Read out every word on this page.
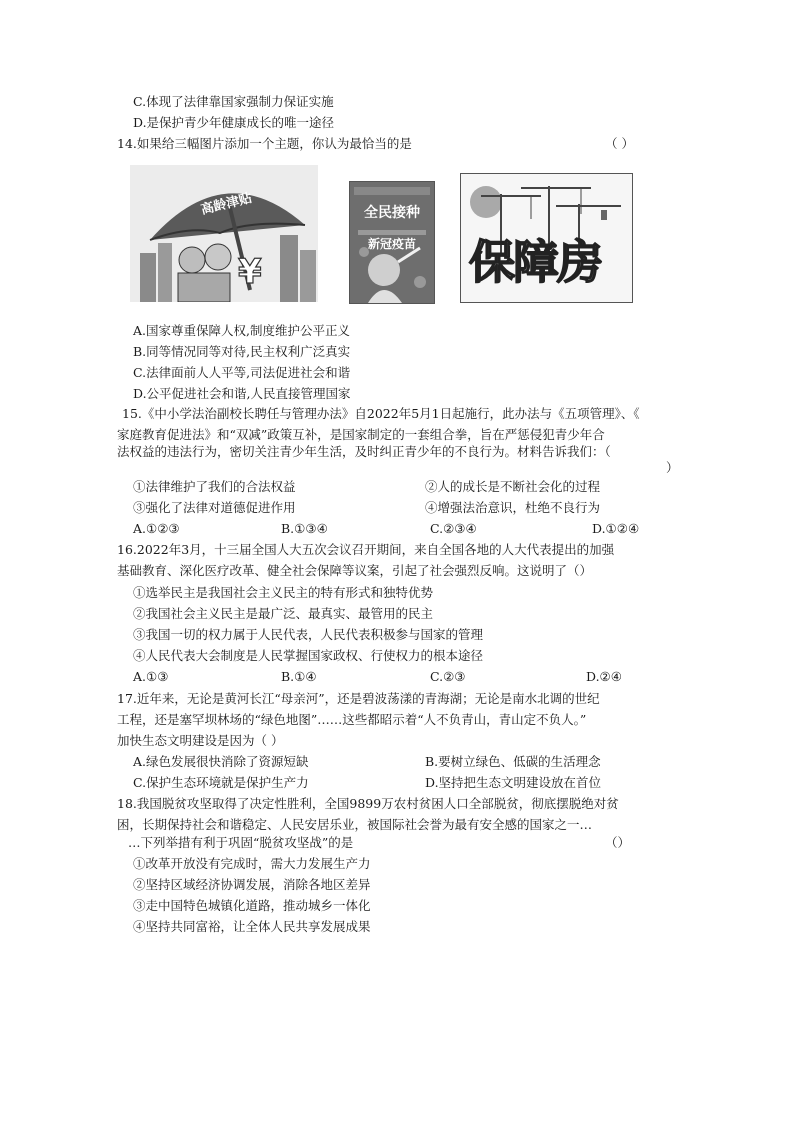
C.体现了法律靠国家强制力保证实施
D.是保护青少年健康成长的唯一途径
14.如果给三幅图片添加一个主题，你认为最恰当的是	（ ）
¥
高龄津贴	全民接种
新冠疫苗	保障房
A.国家尊重保障人权,制度维护公平正义
B.同等情况同等对待,民主权利广泛真实
C.法律面前人人平等,司法促进社会和谐
D.公平促进社会和谐,人民直接管理国家
15.《中小学法治副校长聘任与管理办法》自2022年5月1日起施行，此办法与《五项管理》、《
家庭教育促进法》和“双减”政策互补，是国家制定的一套组合拳，旨在严惩侵犯青少年合
法权益的违法行为，密切关注青少年生活，及时纠正青少年的不良行为。材料告诉我们：（
）
①法律维护了我们的合法权益	②人的成长是不断社会化的过程
③强化了法律对道德促进作用	④增强法治意识，杜绝不良行为
A.①②③	B.①③④	C.②③④	D.①②④
16.2022年3月，十三届全国人大五次会议召开期间，来自全国各地的人大代表提出的加强
基础教育、深化医疗改革、健全社会保障等议案，引起了社会强烈反响。这说明了（）
①选举民主是我国社会主义民主的特有形式和独特优势
②我国社会主义民主是最广泛、最真实、最管用的民主
③我国一切的权力属于人民代表，人民代表积极参与国家的管理
④人民代表大会制度是人民掌握国家政权、行使权力的根本途径
A.①③	B.①④	C.②③	D.②④
17.近年来，无论是黄河长江“母亲河”，还是碧波荡漾的青海湖；无论是南水北调的世纪
工程，还是塞罕坝林场的“绿色地图”……这些都昭示着“人不负青山，青山定不负人。”
加快生态文明建设是因为（ ）
A.绿色发展很快消除了资源短缺	B.要树立绿色、低碳的生活理念
C.保护生态环境就是保护生产力	D.坚持把生态文明建设放在首位
18.我国脱贫攻坚取得了决定性胜利，全国9899万农村贫困人口全部脱贫，彻底摆脱绝对贫
困，长期保持社会和谐稳定、人民安居乐业，被国际社会誉为最有安全感的国家之一…
…下列举措有利于巩固“脱贫攻坚战”的是	（）
①改革开放没有完成时，需大力发展生产力
②坚持区域经济协调发展，消除各地区差异
③走中国特色城镇化道路，推动城乡一体化
④坚持共同富裕，让全体人民共享发展成果
